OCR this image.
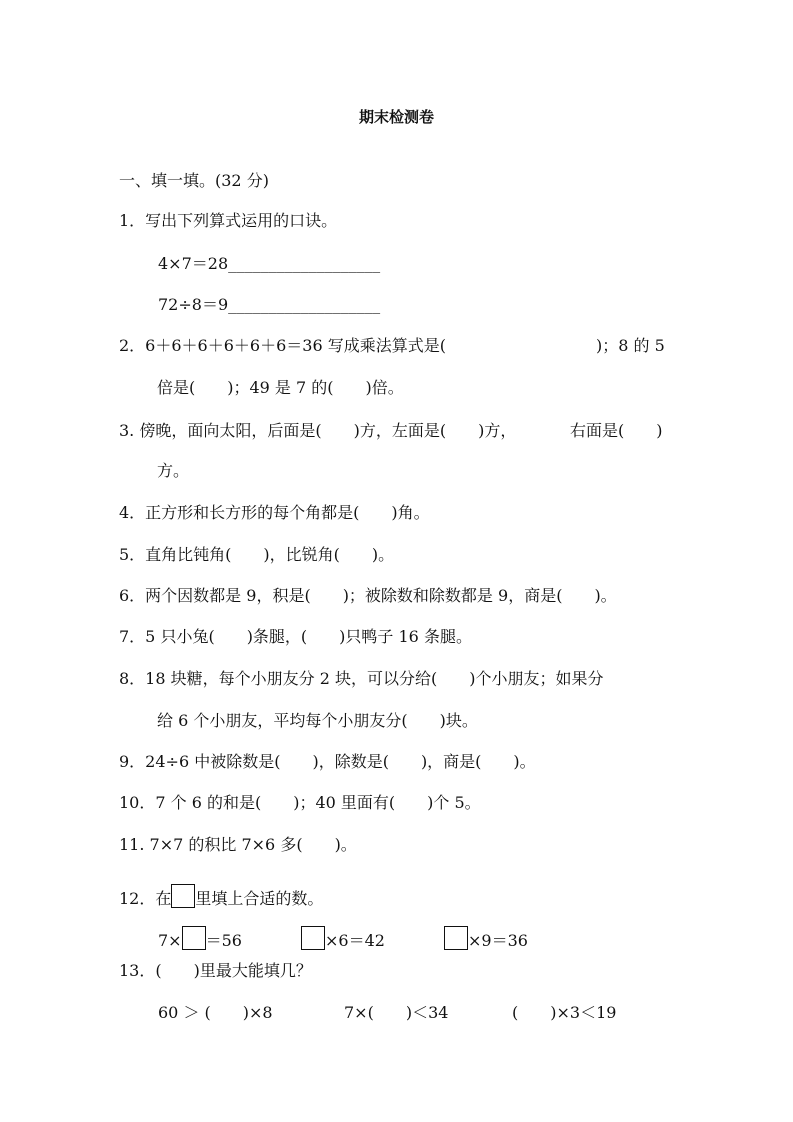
期末检测卷
一、填一填。(32 分)
1．写出下列算式运用的口诀。
4×7＝28___________________
72÷8＝9___________________
2．6＋6＋6＋6＋6＋6＝36 写成乘法算式是(	)；8 的 5
倍是(　　)；49 是 7 的(　　)倍。
3. 傍晚，面向太阳，后面是(　　)方，左面是(　　)方，	右面是(　　)
方。
4．正方形和长方形的每个角都是(　　)角。
5．直角比钝角(　　)，比锐角(　　)。
6．两个因数都是 9，积是(　　)；被除数和除数都是 9，商是(　　)。
7．5 只小兔(　　)条腿，(　　)只鸭子 16 条腿。
8．18 块糖，每个小朋友分 2 块，可以分给(　　)个小朋友；如果分
给 6 个小朋友，平均每个小朋友分(　　)块。
9．24÷6 中被除数是(　　)，除数是(　　)，商是(　　)。
10．7 个 6 的和是(　　)；40 里面有(　　)个 5。
11. 7×7 的积比 7×6 多(　　)。
12．在 里填上合适的数。
7× ＝56	×6＝42	×9＝36
13．(　　)里最大能填几？
60 ＞ (　　)×8	7×(　　)＜34	(　　)×3＜19
